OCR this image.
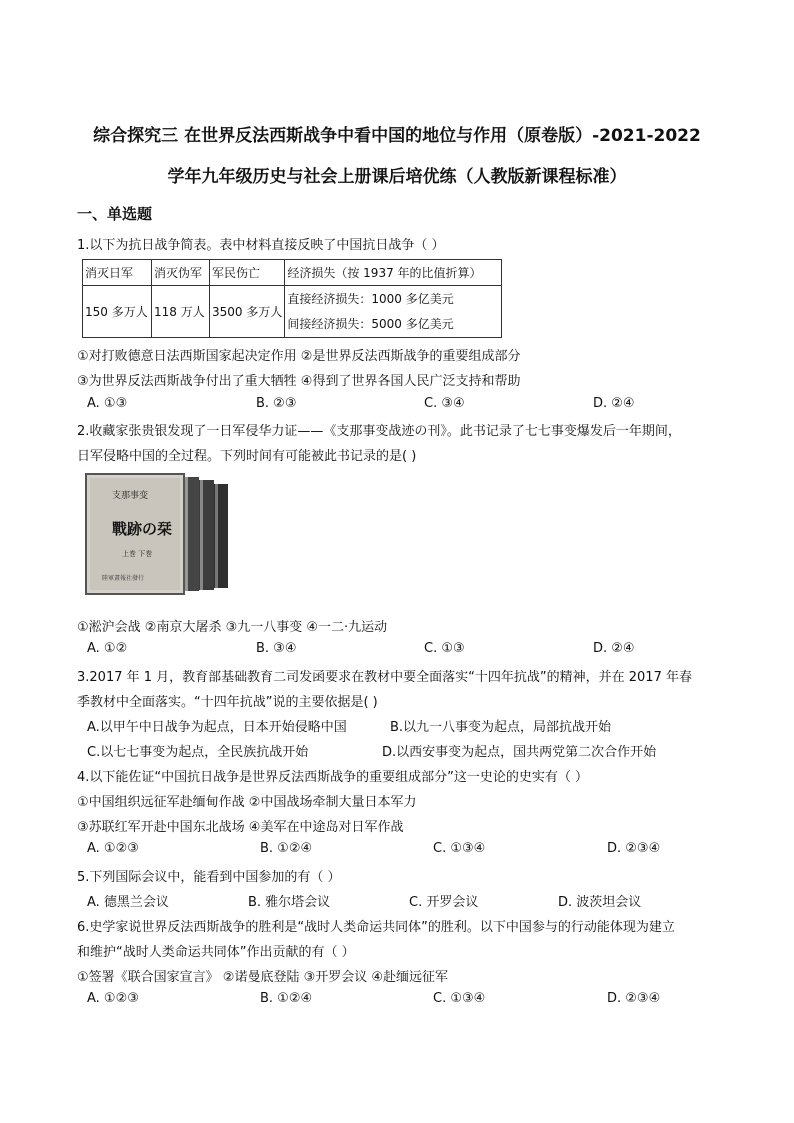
综合探究三 在世界反法西斯战争中看中国的地位与作用（原卷版）-2021-2022
学年九年级历史与社会上册课后培优练（人教版新课程标准）
一、单选题
1.以下为抗日战争简表。表中材料直接反映了中国抗日战争（ ）
消灭日军	消灭伪军	军民伤亡	经济损失（按 1937 年的比值折算）
150 多万人	118 万人	3500 多万人	直接经济损失：1000 多亿美元
间接经济损失：5000 多亿美元
①对打败德意日法西斯国家起决定作用 ②是世界反法西斯战争的重要组成部分
③为世界反法西斯战争付出了重大牺牲 ④得到了世界各国人民广泛支持和帮助
A. ①③	B. ②③	C. ③④	D. ②④
2.收藏家张贵银发现了一日军侵华力证——《支那事变战迹の刊》。此书记录了七七事变爆发后一年期间，
日军侵略中国的全过程。下列时间有可能被此书记录的是( )
支那事变
戰跡の栞
上巻 下巻
陸軍畫報社發行
①淞沪会战 ②南京大屠杀 ③九一八事变 ④一二·九运动
A. ①②	B. ③④	C. ①③	D. ②④
3.2017 年 1 月，教育部基础教育二司发函要求在教材中要全面落实“十四年抗战”的精神，并在 2017 年春
季教材中全面落实。“十四年抗战”说的主要依据是( )
A.以甲午中日战争为起点，日本开始侵略中国	B.以九一八事变为起点，局部抗战开始
C.以七七事变为起点，全民族抗战开始	D.以西安事变为起点，国共两党第二次合作开始
4.以下能佐证“中国抗日战争是世界反法西斯战争的重要组成部分”这一史论的史实有（ ）
①中国组织远征军赴缅甸作战 ②中国战场牵制大量日本军力
③苏联红军开赴中国东北战场 ④美军在中途岛对日军作战
A. ①②③	B. ①②④	C. ①③④	D. ②③④
5.下列国际会议中，能看到中国参加的有（ ）
A. 德黑兰会议	B. 雅尔塔会议	C. 开罗会议	D. 波茨坦会议
6.史学家说世界反法西斯战争的胜利是“战时人类命运共同体”的胜利。以下中国参与的行动能体现为建立
和维护“战时人类命运共同体”作出贡献的有（ ）
①签署《联合国家宣言》 ②诺曼底登陆 ③开罗会议 ④赴缅远征军
A. ①②③	B. ①②④	C. ①③④	D. ②③④
